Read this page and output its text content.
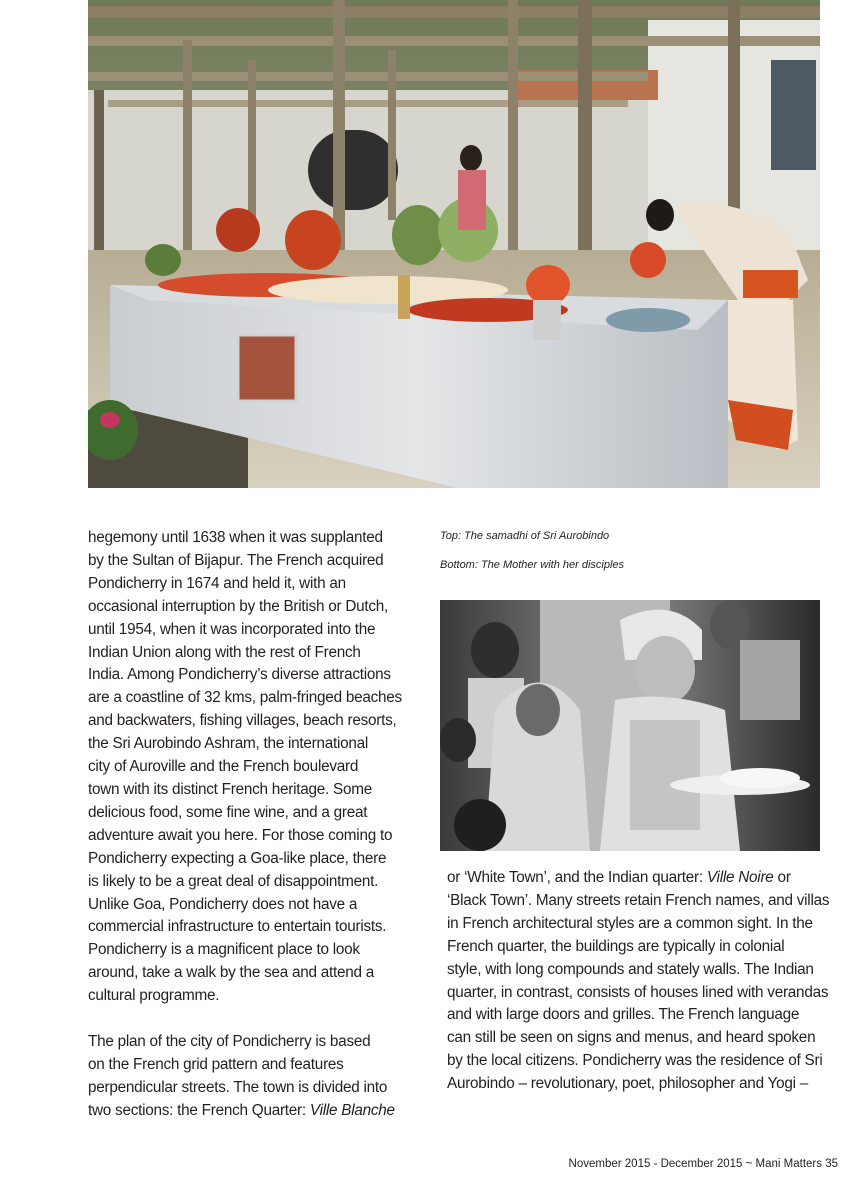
Top: The samadhi of Sri Aurobindo
Bottom: The Mother with her disciples

hegemony until 1638 when it was supplanted
by the Sultan of Bijapur. The French acquired
Pondicherry in 1674 and held it, with an
occasional interruption by the British or Dutch,
until 1954, when it was incorporated into the
Indian Union along with the rest of French
India. Among Pondicherry’s diverse attractions
are a coastline of 32 kms, palm-fringed beaches
and backwaters, fishing villages, beach resorts,
the Sri Aurobindo Ashram, the international
city of Auroville and the French boulevard
town with its distinct French heritage. Some
delicious food, some fine wine, and a great
adventure await you here. For those coming to
Pondicherry expecting a Goa-like place, there
is likely to be a great deal of disappointment.
Unlike Goa, Pondicherry does not have a
commercial infrastructure to entertain tourists.
Pondicherry is a magnificent place to look
around, take a walk by the sea and attend a
cultural programme.

The plan of the city of Pondicherry is based
on the French grid pattern and features
perpendicular streets. The town is divided into
two sections: the French Quarter: Ville Blanche

or ‘White Town’, and the Indian quarter: Ville Noire or
‘Black Town’. Many streets retain French names, and villas
in French architectural styles are a common sight. In the
French quarter, the buildings are typically in colonial
style, with long compounds and stately walls. The Indian
quarter, in contrast, consists of houses lined with verandas
and with large doors and grilles. The French language
can still be seen on signs and menus, and heard spoken
by the local citizens. Pondicherry was the residence of Sri
Aurobindo – revolutionary, poet, philosopher and Yogi –

November 2015 - December 2015 ~ Mani Matters 35
